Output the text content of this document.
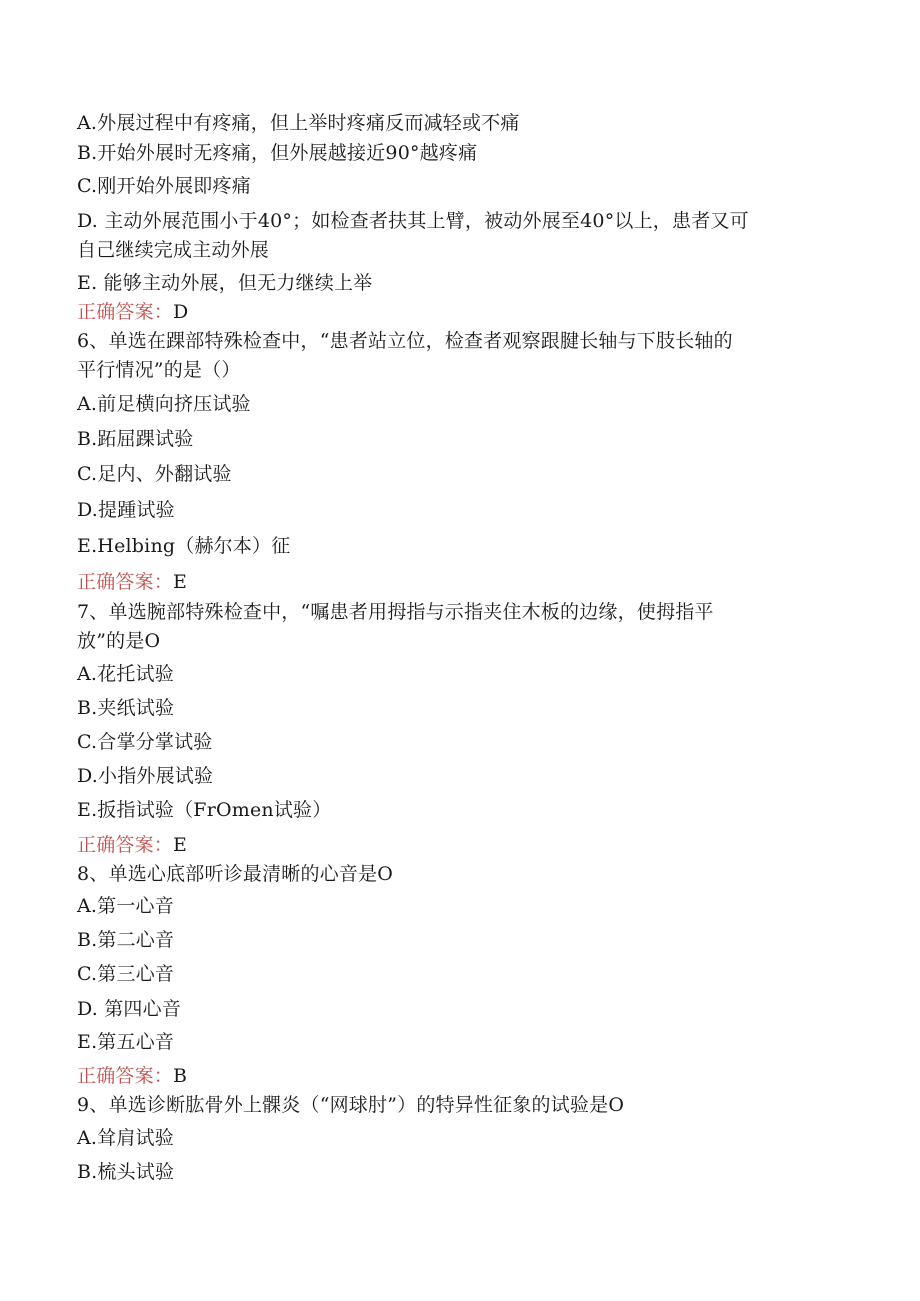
A.外展过程中有疼痛，但上举时疼痛反而减轻或不痛
B.开始外展时无疼痛，但外展越接近90°越疼痛
C.刚开始外展即疼痛
D. 主动外展范围小于40°；如检查者扶其上臂，被动外展至40°以上，患者又可
自己继续完成主动外展
E. 能够主动外展，但无力继续上举
正确答案：D
6、单选在踝部特殊检查中，“患者站立位，检查者观察跟腱长轴与下肢长轴的
平行情况”的是（）
A.前足横向挤压试验
B.跖屈踝试验
C.足内、外翻试验
D.提踵试验
E.Helbing（赫尔本）征
正确答案：E
7、单选腕部特殊检查中，“嘱患者用拇指与示指夹住木板的边缘，使拇指平
放”的是O
A.花托试验
B.夹纸试验
C.合掌分掌试验
D.小指外展试验
E.扳指试验（FrOmen试验）
正确答案：E
8、单选心底部听诊最清晰的心音是O
A.第一心音
B.第二心音
C.第三心音
D. 第四心音
E.第五心音
正确答案：B
9、单选诊断肱骨外上髁炎（“网球肘”）的特异性征象的试验是O
A.耸肩试验
B.梳头试验
